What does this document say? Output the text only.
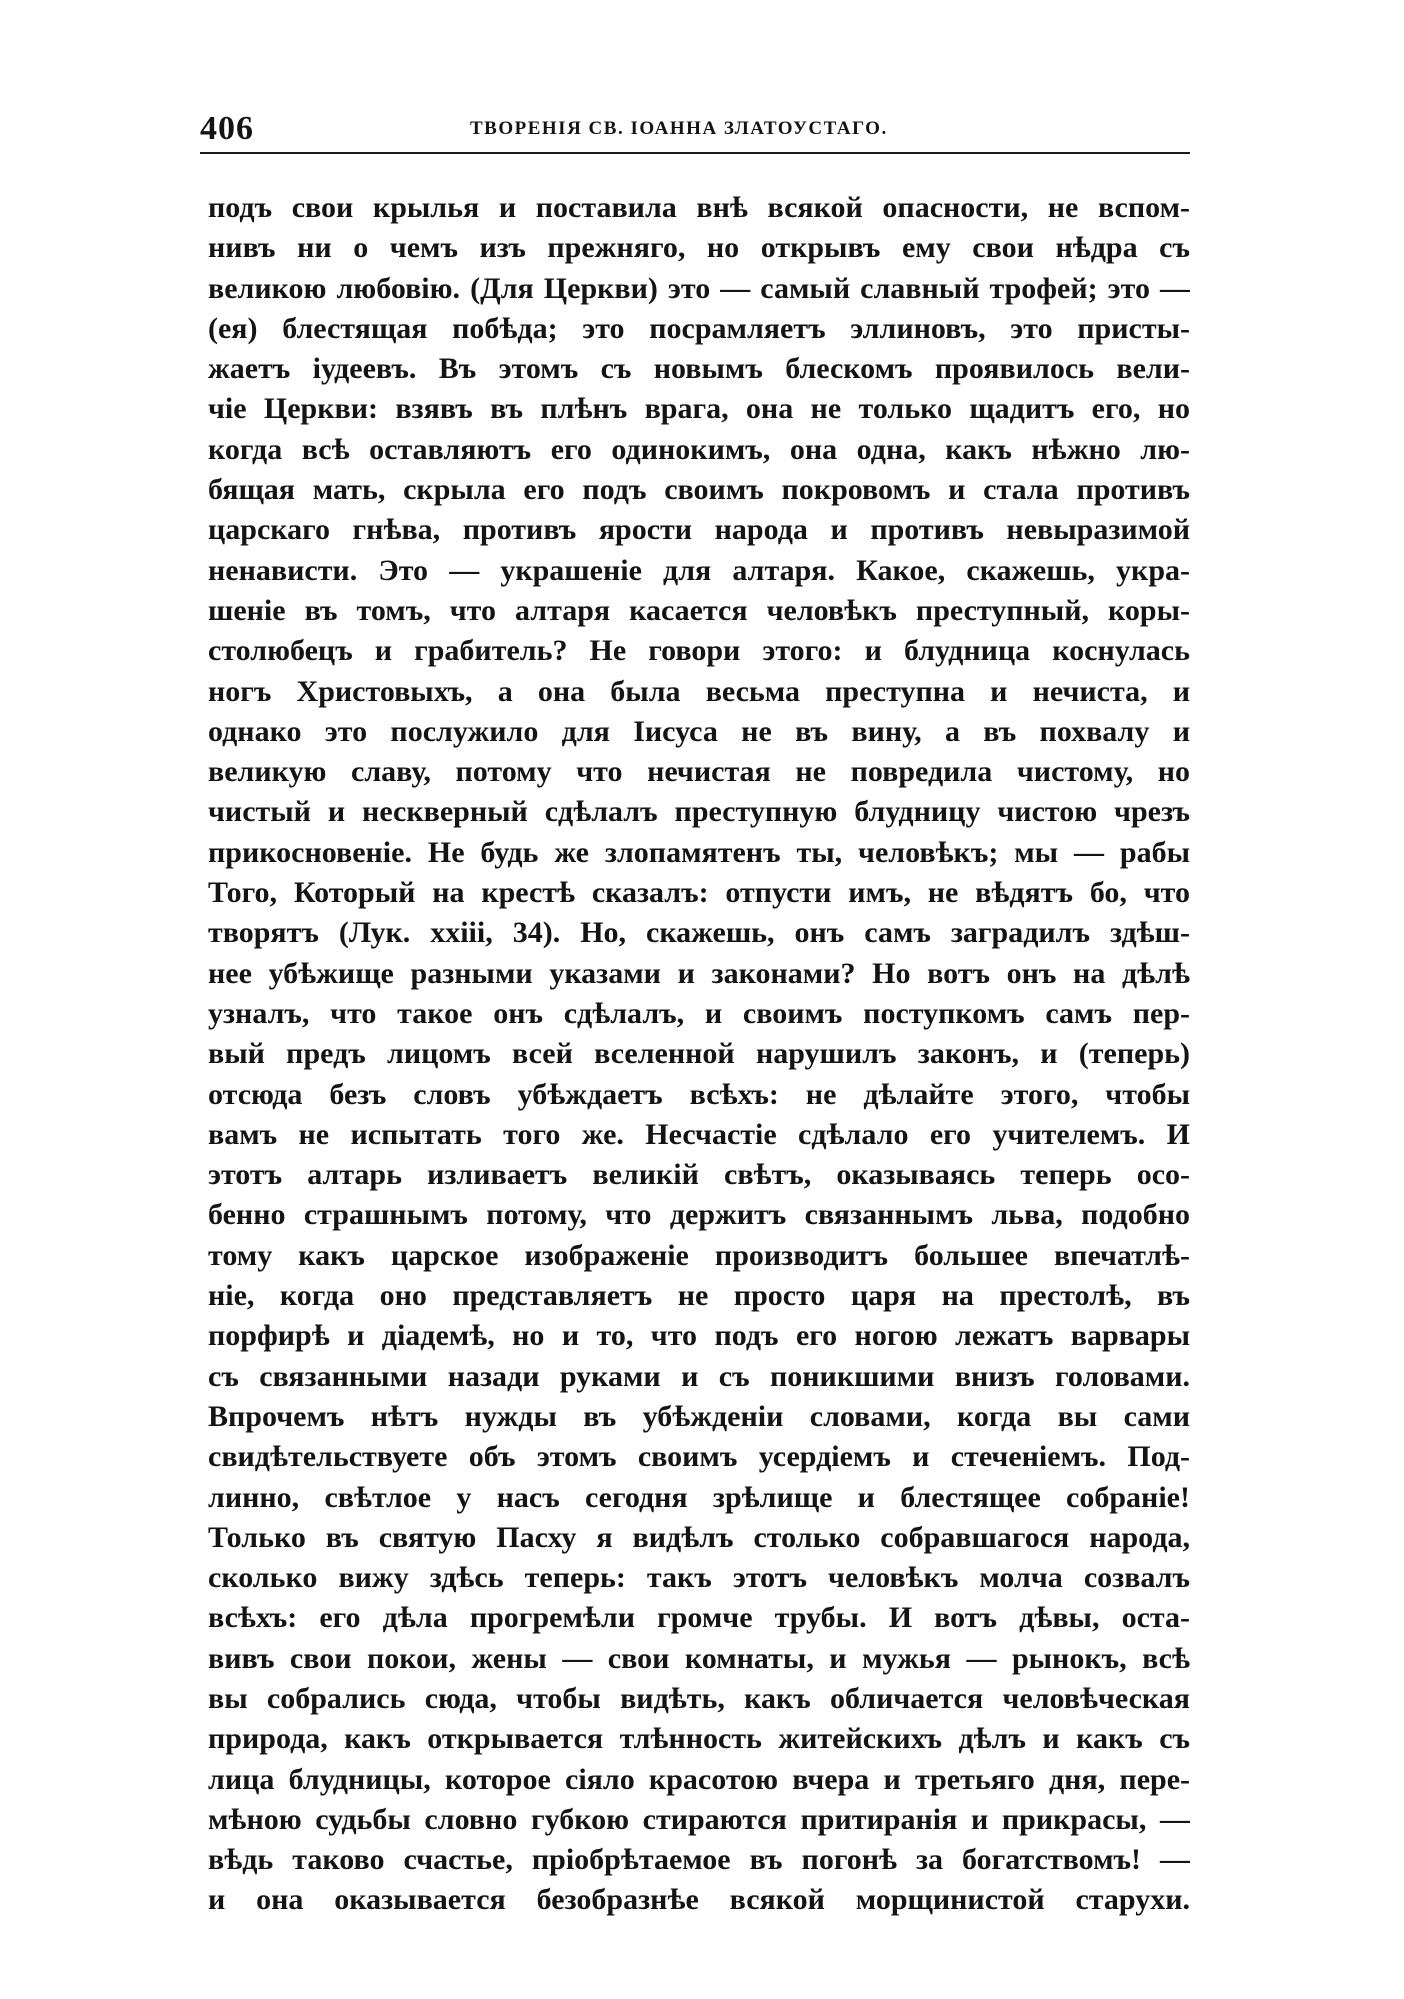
406	ТВОРЕНІЯ СВ. ІОАННА ЗЛАТОУСТАГО.
подъ свои крылья и поставила внѣ всякой опасности, не вспом-
нивъ ни о чемъ изъ прежняго, но открывъ ему свои нѣдра съ
великою любовію. (Для Церкви) это — самый славный трофей; это —
(ея) блестящая побѣда; это посрамляетъ эллиновъ, это присты-
жаетъ іудеевъ. Въ этомъ съ новымъ блескомъ проявилось вели-
чіе Церкви: взявъ въ плѣнъ врага, она не только щадитъ его, но
когда всѣ оставляютъ его одинокимъ, она одна, какъ нѣжно лю-
бящая мать, скрыла его подъ своимъ покровомъ и стала противъ
царскаго гнѣва, противъ ярости народа и противъ невыразимой
ненависти. Это — украшеніе для алтаря. Какое, скажешь, укра-
шеніе въ томъ, что алтаря касается человѣкъ преступный, коры-
столюбецъ и грабитель? Не говори этого: и блудница коснулась
ногъ Христовыхъ, а она была весьма преступна и нечиста, и
однако это послужило для Іисуса не въ вину, а въ похвалу и
великую славу, потому что нечистая не повредила чистому, но
чистый и нескверный сдѣлалъ преступную блудницу чистою чрезъ
прикосновеніе. Не будь же злопамятенъ ты, человѣкъ; мы — рабы
Того, Который на крестѣ сказалъ: отпусти имъ, не вѣдятъ бо, что
творятъ (Лук. xxiii, 34). Но, скажешь, онъ самъ заградилъ здѣш-
нее убѣжище разными указами и законами? Но вотъ онъ на дѣлѣ
узналъ, что такое онъ сдѣлалъ, и своимъ поступкомъ самъ пер-
вый предъ лицомъ всей вселенной нарушилъ законъ, и (теперь)
отсюда безъ словъ убѣждаетъ всѣхъ: не дѣлайте этого, чтобы
вамъ не испытать того же. Несчастіе сдѣлало его учителемъ. И
этотъ алтарь изливаетъ великій свѣтъ, оказываясь теперь осо-
бенно страшнымъ потому, что держитъ связаннымъ льва, подобно
тому какъ царское изображеніе производитъ большее впечатлѣ-
ніе, когда оно представляетъ не просто царя на престолѣ, въ
порфирѣ и діадемѣ, но и то, что подъ его ногою лежатъ варвары
съ связанными назади руками и съ поникшими внизъ головами.
Впрочемъ нѣтъ нужды въ убѣжденіи словами, когда вы сами
свидѣтельствуете объ этомъ своимъ усердіемъ и стеченіемъ. Под-
линно, свѣтлое у насъ сегодня зрѣлище и блестящее собраніе!
Только въ святую Пасху я видѣлъ столько собравшагося народа,
сколько вижу здѣсь теперь: такъ этотъ человѣкъ молча созвалъ
всѣхъ: его дѣла прогремѣли громче трубы. И вотъ дѣвы, оста-
вивъ свои покои, жены — свои комнаты, и мужья — рынокъ, всѣ
вы собрались сюда, чтобы видѣть, какъ обличается человѣческая
природа, какъ открывается тлѣнность житейскихъ дѣлъ и какъ съ
лица блудницы, которое сіяло красотою вчера и третьяго дня, пере-
мѣною судьбы словно губкою стираются притиранія и прикрасы, —
вѣдь таково счастье, пріобрѣтаемое въ погонѣ за богатствомъ! —
и она оказывается безобразнѣе всякой морщинистой старухи.
